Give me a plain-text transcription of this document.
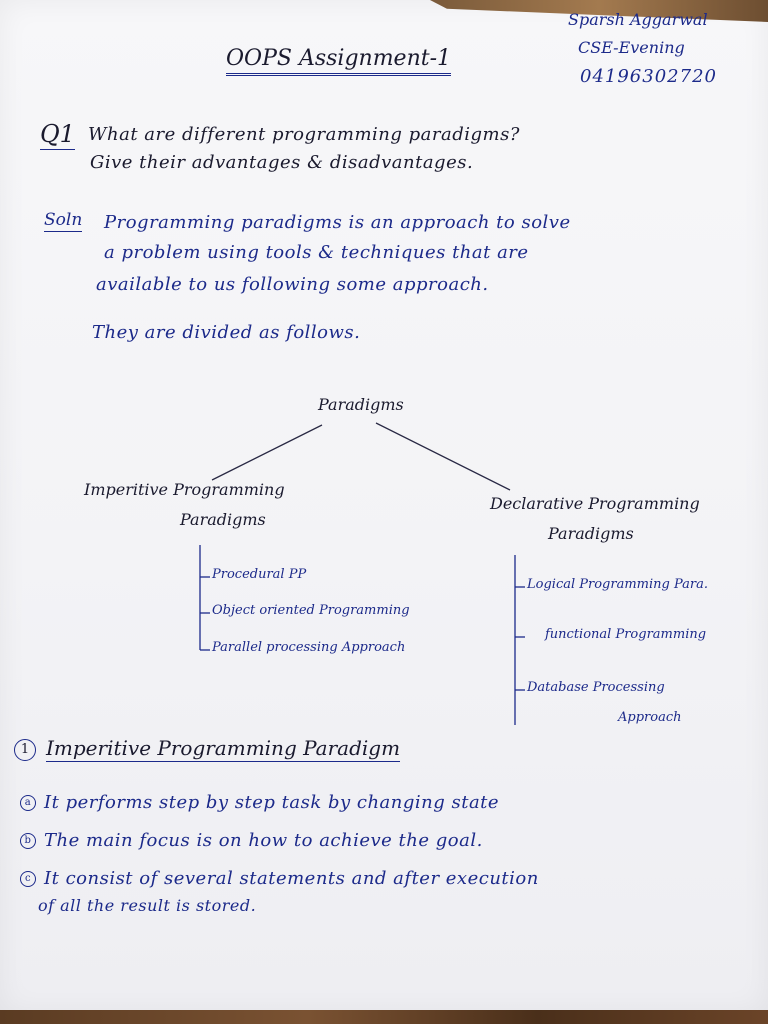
Sparsh Aggarwal
CSE-Evening
04196302720
OOPS Assignment-1
Q1 What are different programming paradigms?
Give their advantages & disadvantages.
Soln Programming paradigms is an approach to solve
a problem using tools & techniques that are
available to us following some approach.
They are divided as follows.
Paradigms
Imperitive Programming
Paradigms
Procedural PP
Object oriented Programming
Parallel processing Approach
Declarative Programming
Paradigms
Logical Programming Para.
functional Programming
Database Processing
Approach
1 Imperitive Programming Paradigm
a It performs step by step task by changing state
b The main focus is on how to achieve the goal.
c It consist of several statements and after execution
of all the result is stored.
